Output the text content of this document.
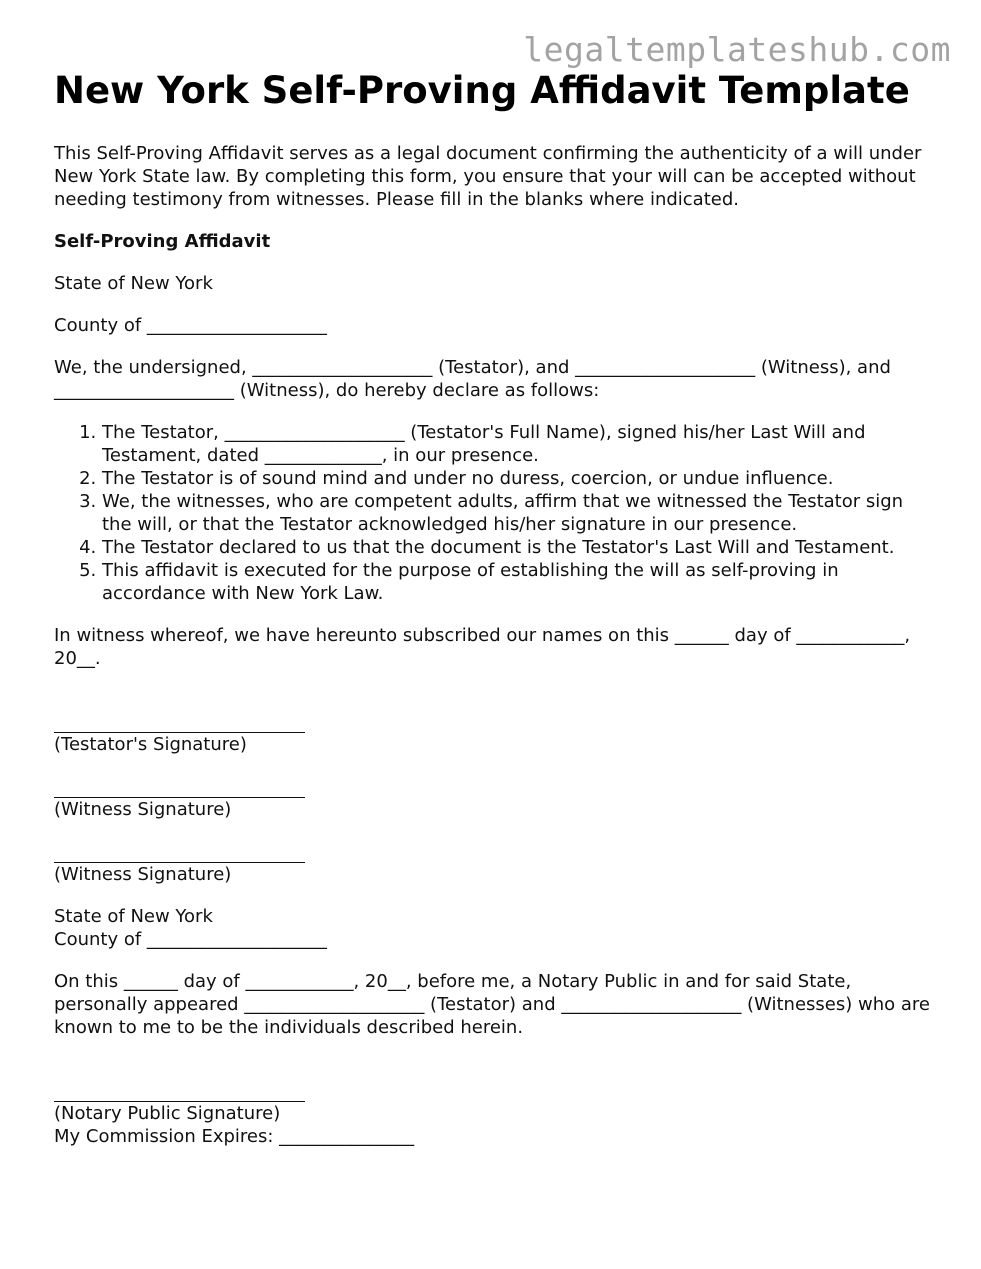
legaltemplateshub.com
New York Self-Proving Affidavit Template

This Self-Proving Affidavit serves as a legal document confirming the authenticity of a will under New York State law. By completing this form, you ensure that your will can be accepted without needing testimony from witnesses. Please fill in the blanks where indicated.

Self-Proving Affidavit

State of New York

County of ____________________

We, the undersigned, ____________________ (Testator), and ____________________ (Witness), and ____________________ (Witness), do hereby declare as follows:

1. The Testator, ____________________ (Testator's Full Name), signed his/her Last Will and Testament, dated _____________, in our presence.
2. The Testator is of sound mind and under no duress, coercion, or undue influence.
3. We, the witnesses, who are competent adults, affirm that we witnessed the Testator sign the will, or that the Testator acknowledged his/her signature in our presence.
4. The Testator declared to us that the document is the Testator's Last Will and Testament.
5. This affidavit is executed for the purpose of establishing the will as self-proving in accordance with New York Law.

In witness whereof, we have hereunto subscribed our names on this ______ day of ____________, 20__.

(Testator's Signature)

(Witness Signature)

(Witness Signature)

State of New York

County of ____________________

On this ______ day of ____________, 20__, before me, a Notary Public in and for said State, personally appeared ____________________ (Testator) and ____________________ (Witnesses) who are known to me to be the individuals described herein.

(Notary Public Signature)

My Commission Expires: _______________
